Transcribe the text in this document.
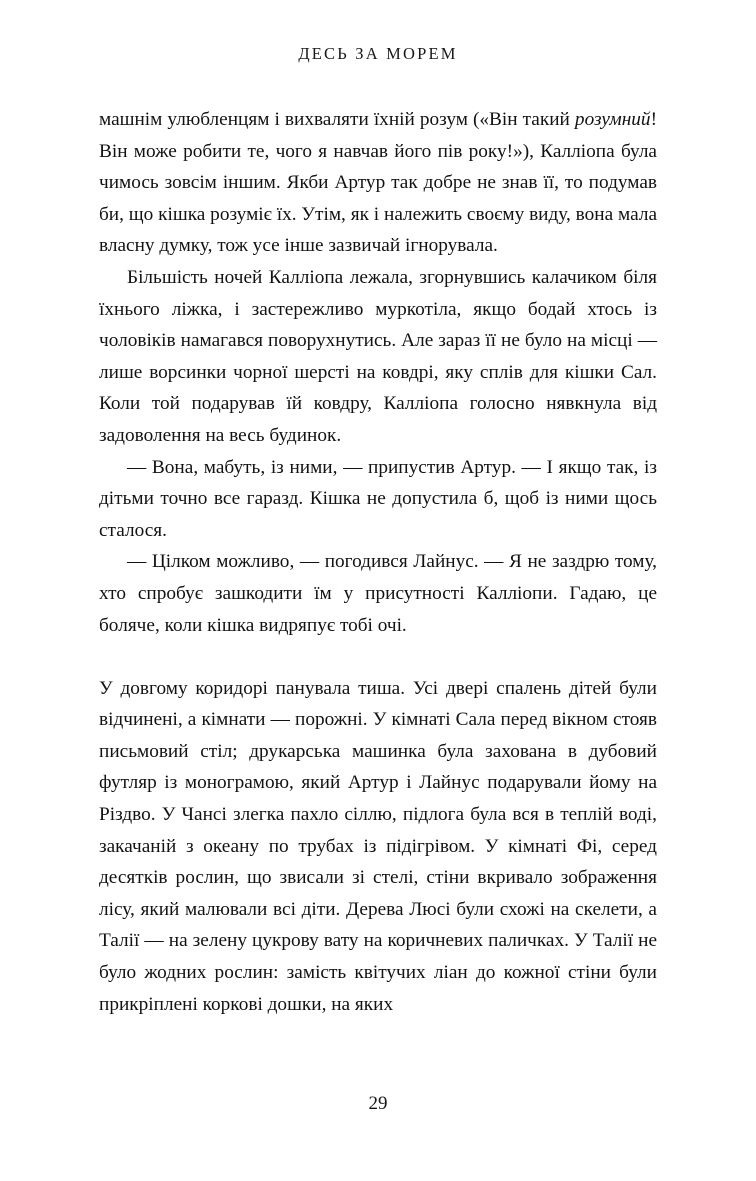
ДЕСЬ ЗА МОРЕМ

машнім улюбленцям і вихваляти їхній розум («Він такий розумний! Він може робити те, чого я навчав його пів року!»), Калліопа була чимось зовсім іншим. Якби Артур так добре не знав її, то подумав би, що кішка розуміє їх. Утім, як і належить своєму виду, вона мала власну думку, тож усе інше зазвичай ігнорувала.

Більшість ночей Калліопа лежала, згорнувшись калачиком біля їхнього ліжка, і застережливо муркотіла, якщо бодай хтось із чоловіків намагався поворухнутись. Але зараз її не було на місці — лише ворсинки чорної шерсті на ковдрі, яку сплів для кішки Сал. Коли той подарував їй ковдру, Калліопа голосно нявкнула від задоволення на весь будинок.

— Вона, мабуть, із ними, — припустив Артур. — І якщо так, із дітьми точно все гаразд. Кішка не допустила б, щоб із ними щось сталося.

— Цілком можливо, — погодився Лайнус. — Я не заздрю тому, хто спробує зашкодити їм у присутності Калліопи. Гадаю, це боляче, коли кішка видряпує тобі очі.

У довгому коридорі панувала тиша. Усі двері спалень дітей були відчинені, а кімнати — порожні. У кімнаті Сала перед вікном стояв письмовий стіл; друкарська машинка була захована в дубовий футляр із монограмою, який Артур і Лайнус подарували йому на Різдво. У Чансі злегка пахло сіллю, підлога була вся в теплій воді, закачаній з океану по трубах із підігрівом. У кімнаті Фі, серед десятків рослин, що звисали зі стелі, стіни вкривало зображення лісу, який малювали всі діти. Дерева Люсі були схожі на скелети, а Талії — на зелену цукрову вату на коричневих паличках. У Талії не було жодних рослин: замість квітучих ліан до кожної стіни були прикріплені коркові дошки, на яких

29
